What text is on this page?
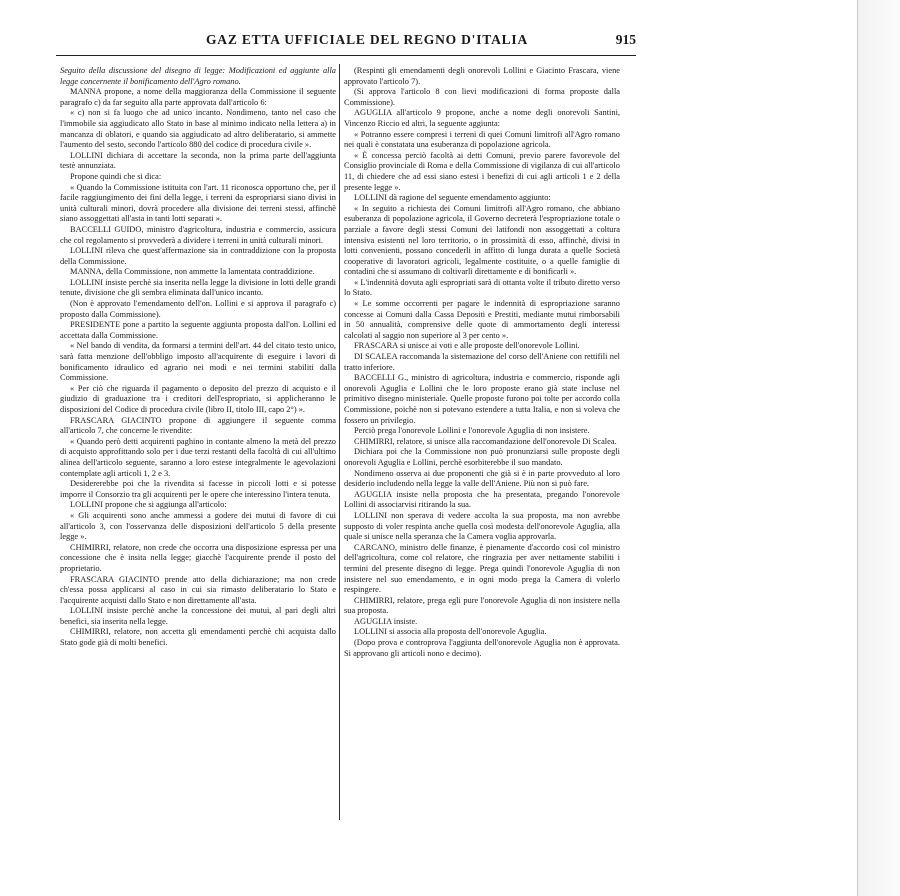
GAZ ETTA UFFICIALE DEL REGNO D'ITALIA	915

Seguito della discussione del disegno di legge: Modificazioni ed aggiunte alla legge concernente il bonificamento dell'Agro romano.

MANNA propone, a nome della maggioranza della Commissione il seguente paragrafo c) da far seguito alla parte approvata dall'articolo 6:

« c) non si fa luogo che ad unico incanto. Nondimeno, tanto nel caso che l'immobile sia aggiudicato allo Stato in base al minimo indicato nella lettera a) in mancanza di oblatori, e quando sia aggiudicato ad altro deliberatario, si ammette l'aumento del sesto, secondo l'articolo 880 del codice di procedura civile ».

LOLLINI dichiara di accettare la seconda, non la prima parte dell'aggiunta testè annunziata.

Propone quindi che si dica:

« Quando la Commissione istituita con l'art. 11 riconosca opportuno che, per il facile raggiungimento dei fini della legge, i terreni da espropriarsi siano divisi in unità culturali minori, dovrà procedere alla divisione dei terreni stessi, affinchè siano assoggettati all'asta in tanti lotti separati ».

BACCELLI GUIDO, ministro d'agricoltura, industria e commercio, assicura che col regolamento si provvederà a dividere i terreni in unità culturali minori.

LOLLINI rileva che quest'affermazione sia in contraddizione con la proposta della Commissione.

MANNA, della Commissione, non ammette la lamentata contraddizione.

LOLLINI insiste perchè sia inserita nella legge la divisione in lotti delle grandi tenute, divisione che gli sembra eliminata dall'unico incanto.

(Non è approvato l'emendamento dell'on. Lollini e si approva il paragrafo c) proposto dalla Commissione).

PRESIDENTE pone a partito la seguente aggiunta proposta dall'on. Lollini ed accettata dalla Commissione.

« Nel bando di vendita, da formarsi a termini dell'art. 44 del citato testo unico, sarà fatta menzione dell'obbligo imposto all'acquirente di eseguire i lavori di bonificamento idraulico ed agrario nei modi e nei termini stabiliti dalla Commissione.

« Per ciò che riguarda il pagamento o deposito del prezzo di acquisto e il giudizio di graduazione tra i creditori dell'espropriato, si applicheranno le disposizioni del Codice di procedura civile (libro II, titolo III, capo 2°) ».

FRASCARA GIACINTO propone di aggiungere il seguente comma all'articolo 7, che concerne le rivendite:

« Quando però detti acquirenti paghino in contante almeno la metà del prezzo di acquisto approfittando solo per i due terzi restanti della facoltà di cui all'ultimo alinea dell'articolo seguente, saranno a loro estese integralmente le agevolazioni contemplate agli articoli 1, 2 e 3.

Desidererebbe poi che la rivendita si facesse in piccoli lotti e si potesse imporre il Consorzio tra gli acquirenti per le opere che interessino l'intera tenuta.

LOLLINI propone che si aggiunga all'articolo:

« Gli acquirenti sono anche ammessi a godere dei mutui di favore di cui all'articolo 3, con l'osservanza delle disposizioni dell'articolo 5 della presente legge ».

CHIMIRRI, relatore, non crede che occorra una disposizione espressa per una concessione che è insita nella legge; giacchè l'acquirente prende il posto del proprietario.

FRASCARA GIACINTO prende atto della dichiarazione; ma non crede ch'essa possa applicarsi al caso in cui sia rimasto deliberatario lo Stato e l'acquirente acquisti dallo Stato e non direttamente all'asta.

LOLLINI insiste perchè anche la concessione dei mutui, al pari degli altri benefici, sia inserita nella legge.

CHIMIRRI, relatore, non accetta gli emendamenti perchè chi acquista dallo Stato gode già di molti benefici.

(Respinti gli emendamenti degli onorevoli Lollini e Giacinto Frascara, viene approvato l'articolo 7).

(Si approva l'articolo 8 con lievi modificazioni di forma proposte dalla Commissione).

AGUGLIA all'articolo 9 propone, anche a nome degli onorevoli Santini, Vincenzo Riccio ed altri, la seguente aggiunta:

« Potranno essere compresi i terreni di quei Comuni limitrofi all'Agro romano nei quali è constatata una esuberanza di popolazione agricola.

« È concessa perciò facoltà ai detti Comuni, previo parere favorevole del Consiglio provinciale di Roma e della Commissione di vigilanza di cui all'articolo 11, di chiedere che ad essi siano estesi i benefizi di cui agli articoli 1 e 2 della presente legge ».

LOLLINI dà ragione del seguente emendamento aggiunto:

« In seguito a richiesta dei Comuni limitrofi all'Agro romano, che abbiano esuberanza di popolazione agricola, il Governo decreterà l'espropriazione totale o parziale a favore degli stessi Comuni dei latifondi non assoggettati a coltura intensiva esistenti nel loro territorio, o in prossimità di esso, affinchè, divisi in lotti convenienti, possano concederli in affitto di lunga durata a quelle Società cooperative di lavoratori agricoli, legalmente costituite, o a quelle famiglie di contadini che si assumano di coltivarli direttamente e di bonificarli ».

« L'indennità dovuta agli espropriati sarà di ottanta volte il tributo diretto verso lo Stato.

« Le somme occorrenti per pagare le indennità di espropriazione saranno concesse ai Comuni dalla Cassa Depositi e Prestiti, mediante mutui rimborsabili in 50 annualità, comprensive delle quote di ammortamento degli interessi calcolati al saggio non superiore al 3 per cento ».

FRASCARA si unisce ai voti e alle proposte dell'onorevole Lollini.

DI SCALEA raccomanda la sistemazione del corso dell'Aniene con rettifili nel tratto inferiore.

BACCELLI G., ministro di agricoltura, industria e commercio, risponde agli onorevoli Aguglia e Lollini che le loro proposte erano già state incluse nel primitivo disegno ministeriale. Quelle proposte furono poi tolte per accordo colla Commissione, poichè non si potevano estendere a tutta Italia, e non si voleva che fossero un privilegio.

Perciò prega l'onorevole Lollini e l'onorevole Aguglia di non insistere.

CHIMIRRI, relatore, si unisce alla raccomandazione dell'onorevole Di Scalea.

Dichiara poi che la Commissione non può pronunziarsi sulle proposte degli onorevoli Aguglia e Lollini, perchè esorbiterebbe il suo mandato.

Nondimeno osserva ai due proponenti che già si è in parte provveduto al loro desiderio includendo nella legge la valle dell'Aniene. Più non si può fare.

AGUGLIA insiste nella proposta che ha presentata, pregando l'onorevole Lollini di associarvisi ritirando la sua.

LOLLINI non sperava di vedere accolta la sua proposta, ma non avrebbe supposto di voler respinta anche quella così modesta dell'onorevole Aguglia, alla quale si unisce nella speranza che la Camera voglia approvarla.

CARCANO, ministro delle finanze, è pienamente d'accordo così col ministro dell'agricoltura, come col relatore, che ringrazia per aver nettamente stabiliti i termini del presente disegno di legge. Prega quindi l'onorevole Aguglia di non insistere nel suo emendamento, e in ogni modo prega la Camera di volerlo respingere.

CHIMIRRI, relatore, prega egli pure l'onorevole Aguglia di non insistere nella sua proposta.

AGUGLIA insiste.

LOLLINI si associa alla proposta dell'onorevole Aguglia.

(Dopo prova e controprova l'aggiunta dell'onorevole Aguglia non è approvata. Si approvano gli articoli nono e decimo).
